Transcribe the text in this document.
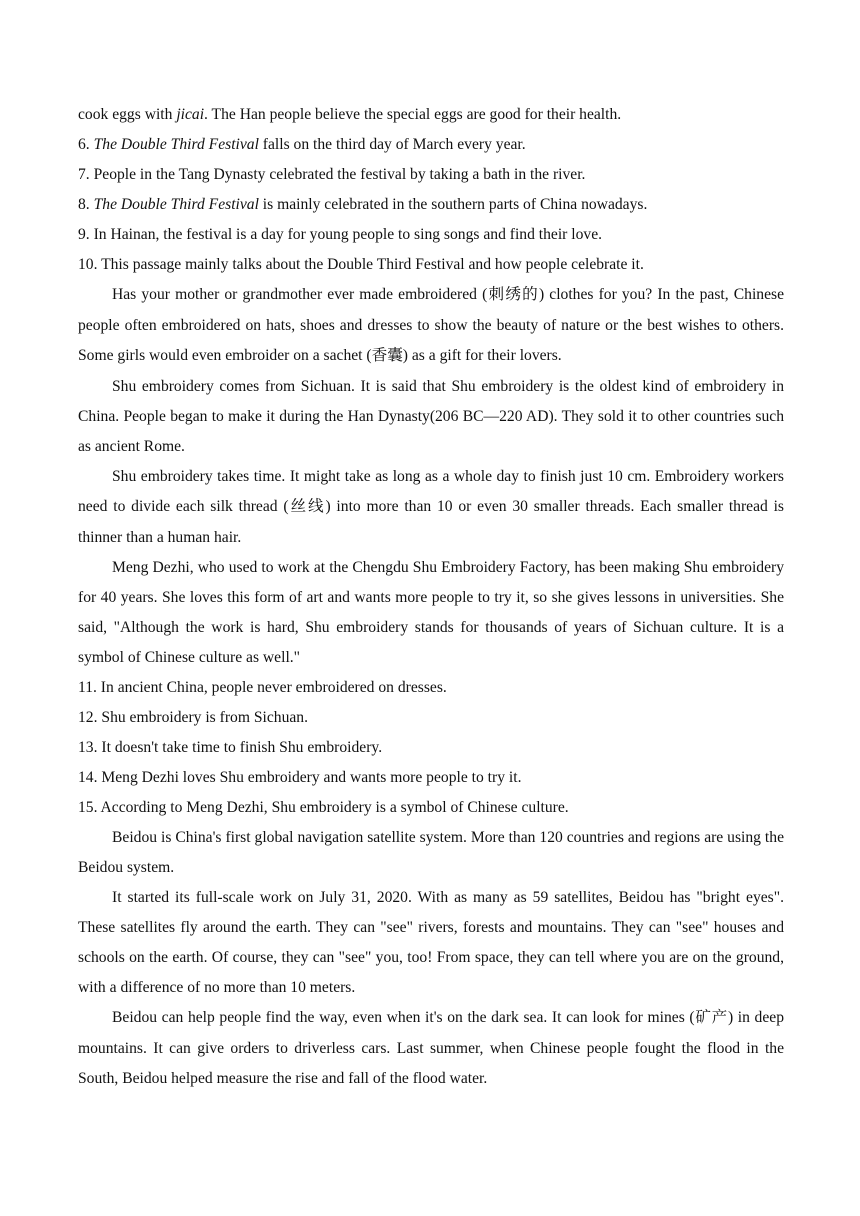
cook eggs with jicai. The Han people believe the special eggs are good for their health.

6. The Double Third Festival falls on the third day of March every year.

7. People in the Tang Dynasty celebrated the festival by taking a bath in the river.

8. The Double Third Festival is mainly celebrated in the southern parts of China nowadays.

9. In Hainan, the festival is a day for young people to sing songs and find their love.

10. This passage mainly talks about the Double Third Festival and how people celebrate it.

Has your mother or grandmother ever made embroidered (刺绣的) clothes for you? In the past, Chinese people often embroidered on hats, shoes and dresses to show the beauty of nature or the best wishes to others. Some girls would even embroider on a sachet (香囊) as a gift for their lovers.

Shu embroidery comes from Sichuan. It is said that Shu embroidery is the oldest kind of embroidery in China. People began to make it during the Han Dynasty(206 BC—220 AD). They sold it to other countries such as ancient Rome.

Shu embroidery takes time. It might take as long as a whole day to finish just 10 cm. Embroidery workers need to divide each silk thread (丝线) into more than 10 or even 30 smaller threads. Each smaller thread is thinner than a human hair.

Meng Dezhi, who used to work at the Chengdu Shu Embroidery Factory, has been making Shu embroidery for 40 years. She loves this form of art and wants more people to try it, so she gives lessons in universities. She said, "Although the work is hard, Shu embroidery stands for thousands of years of Sichuan culture. It is a symbol of Chinese culture as well."

11. In ancient China, people never embroidered on dresses.

12. Shu embroidery is from Sichuan.

13. It doesn't take time to finish Shu embroidery.

14. Meng Dezhi loves Shu embroidery and wants more people to try it.

15. According to Meng Dezhi, Shu embroidery is a symbol of Chinese culture.

Beidou is China's first global navigation satellite system. More than 120 countries and regions are using the Beidou system.

It started its full-scale work on July 31, 2020. With as many as 59 satellites, Beidou has "bright eyes". These satellites fly around the earth. They can "see" rivers, forests and mountains. They can "see" houses and schools on the earth. Of course, they can "see" you, too! From space, they can tell where you are on the ground, with a difference of no more than 10 meters.

Beidou can help people find the way, even when it's on the dark sea. It can look for mines (矿产) in deep mountains. It can give orders to driverless cars. Last summer, when Chinese people fought the flood in the South, Beidou helped measure the rise and fall of the flood water.
